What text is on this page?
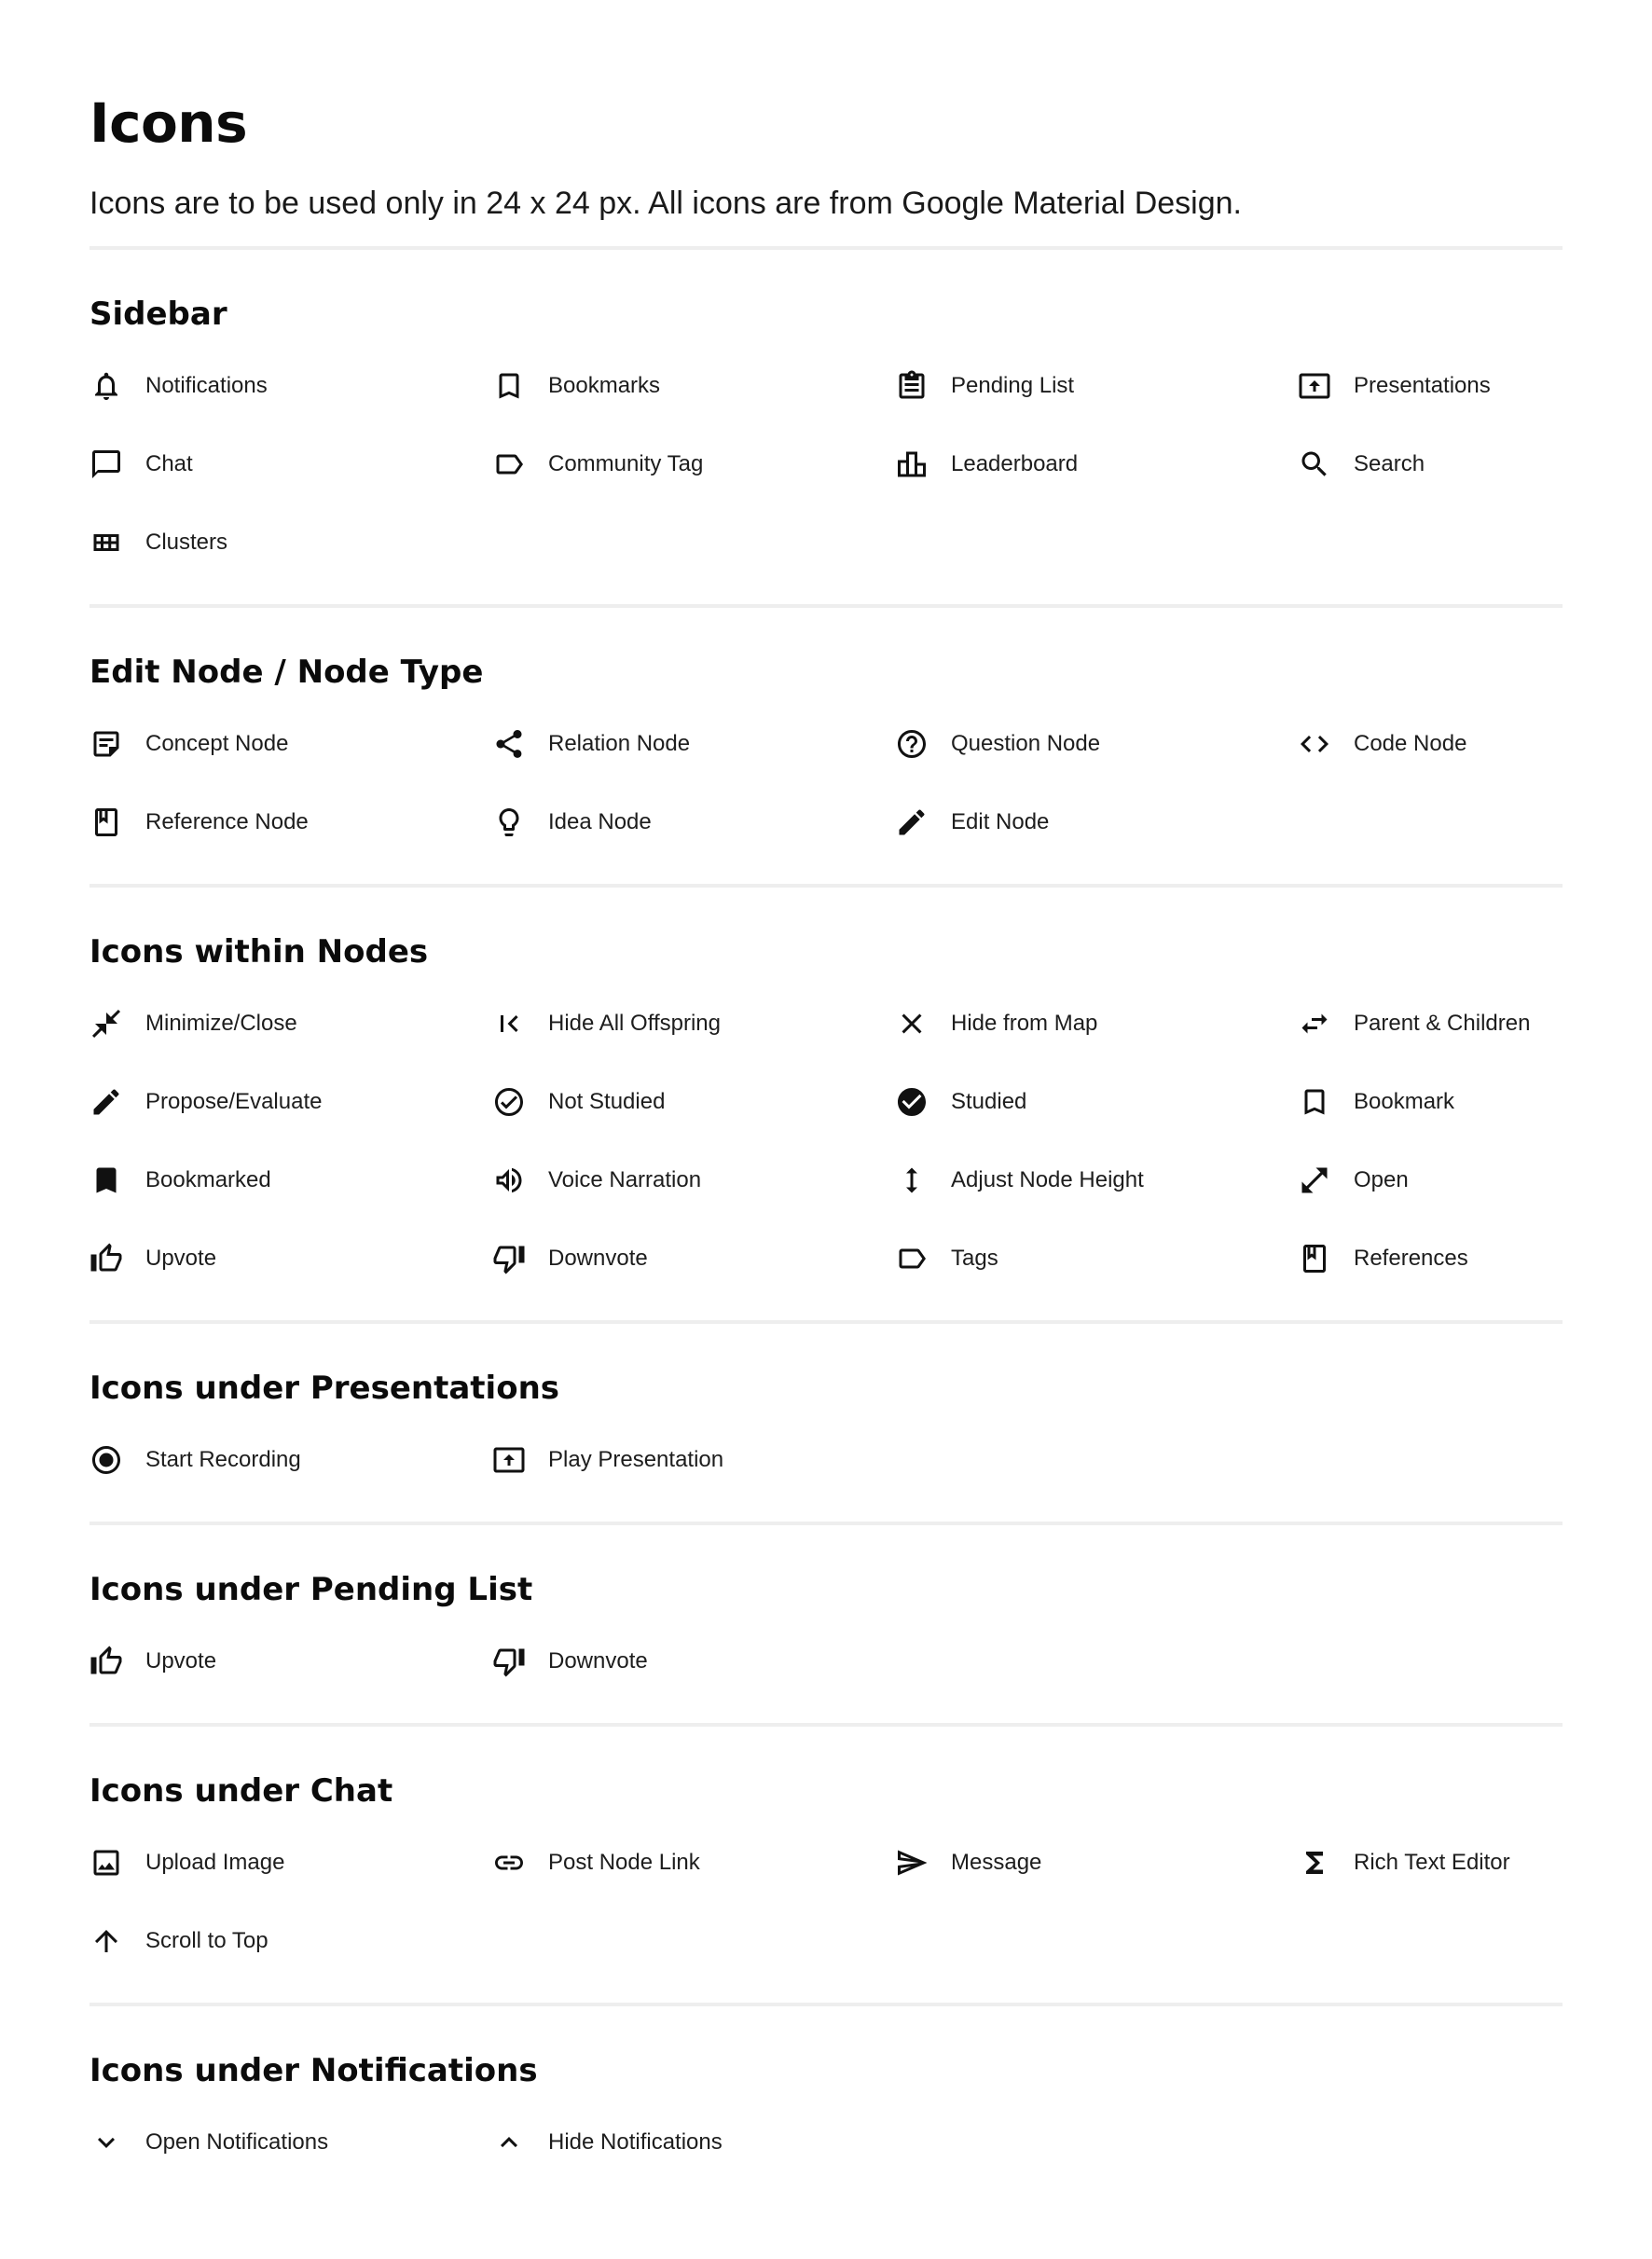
Icons

Icons are to be used only in 24 x 24 px. All icons are from Google Material Design.

Sidebar
Notifications	Bookmarks	Pending List	Presentations
Chat	Community Tag	Leaderboard	Search
Clusters
Edit Node / Node Type
Concept Node	Relation Node	Question Node	Code Node
Reference Node	Idea Node	Edit Node
Icons within Nodes
Minimize/Close	Hide All Offspring	Hide from Map	Parent & Children
Propose/Evaluate	Not Studied	Studied	Bookmark
Bookmarked	Voice Narration	Adjust Node Height	Open
Upvote	Downvote	Tags	References
Icons under Presentations
Start Recording	Play Presentation
Icons under Pending List
Upvote	Downvote
Icons under Chat
Upload Image	Post Node Link	Message	Rich Text Editor
Scroll to Top
Icons under Notifications
Open Notifications	Hide Notifications
